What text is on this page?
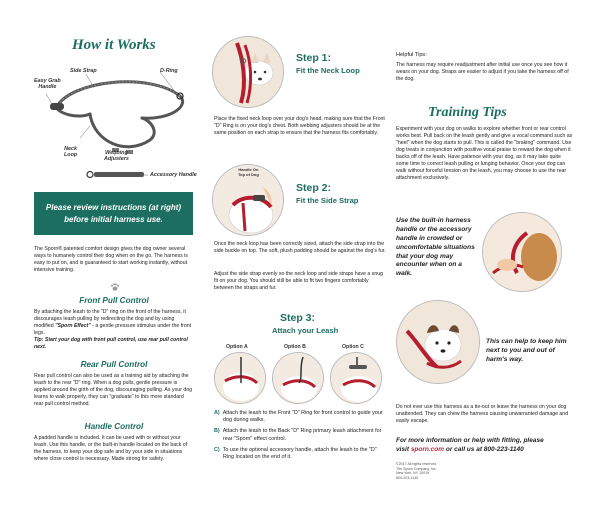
How it Works
Side Strap
Easy Grab
Handle
D-Ring
Neck
Loop	Webbing
Adjusters
Accessory Handle
Please review instructions (at right)
before initial harness use.
The Sporn® patented comfort design gives the dog owner several ways to humanely control their dog when on the go. The harness is easy to put on, and is guaranteed to start working instantly, without intensive training.
Front Pull Control
By attaching the leash to the "D" ring on the front of the harness, it discourages leash pulling by redirecting the dog and by using modified "Sporn Effect" - a gentle pressure stimulus under the front legs.
Tip: Start your dog with front pull control, use rear pull control next.
Rear Pull Control
Rear pull control can also be used as a training aid by attaching the leash to the rear "D" ring. When a dog pulls, gentle pressure is applied around the girth of the dog, discouraging pulling. As your dog learns to walk properly, they can "graduate" to this more standard rear pull control method.
Handle Control
A padded handle is included. It can be used with or without your leash. Use this handle, or the built-in handle located on the back of the harness, to keep your dog safe and by your side in situations where close control is necessary. Made strong for safety.
Step 1:
Fit the Neck Loop
Place the fixed neck loop over your dog's head, making sure that the Front "D" Ring is on your dog's chest. Both webbing adjusters should be at the same position on each strap to ensure that the harness fits comfortably.
Handle On
Top of Dog
Step 2:
Fit the Side Strap
Once the neck loop has been correctly sized, attach the side strap into the side buckle on top. The soft, plush padding should be against the dog's fur.
Adjust the side strap evenly so the neck loop and side straps have a snug fit on your dog. You should still be able to fit two fingers comfortably between the straps and fur.
Step 3:
Attach your Leash
Option A	Option B	Option C
A) Attach the leash to the Front "D" Ring for front control to guide your dog during walks.
B) Attach the leash to the Back "D" Ring primary leash attachment for rear "Sporn" effect control.
C) To use the optional accessory handle, attach the leash to the "D" Ring located on the end of it.
Helpful Tips:
The harness may require readjustment after initial use once you see how it wears on your dog. Straps are easier to adjust if you take the harness off of the dog.
Training Tips
Experiment with your dog on walks to explore whether front or rear control works best. Pull back on the leash gently and give a vocal command such as "heel" when the dog starts to pull. This is called the "braking" command. Use dog treats in conjunction with positive vocal praise to reward the dog when it backs off of the leash. Have patience with your dog, as it may take quite some time to correct leash pulling or lunging behavior. Once your dog can walk without forceful tension on the leash, you may choose to use the rear attachment exclusively.
Use the built-in harness handle or the accessory handle in crowded or uncomfortable situations that your dog may encounter when on a walk.
This can help to keep him next to you and out of harm's way.
Do not ever use this harness as a tie-out or leave the harness on your dog unattended. They can chew the harness causing unwarranted damage and easily escape.
For more information or help with fitting, please
visit sporn.com or call us at 800-223-1140
©2017 All rights reserved
The Sporn Company, Inc.
New York, NY 10019
800-223-1140
